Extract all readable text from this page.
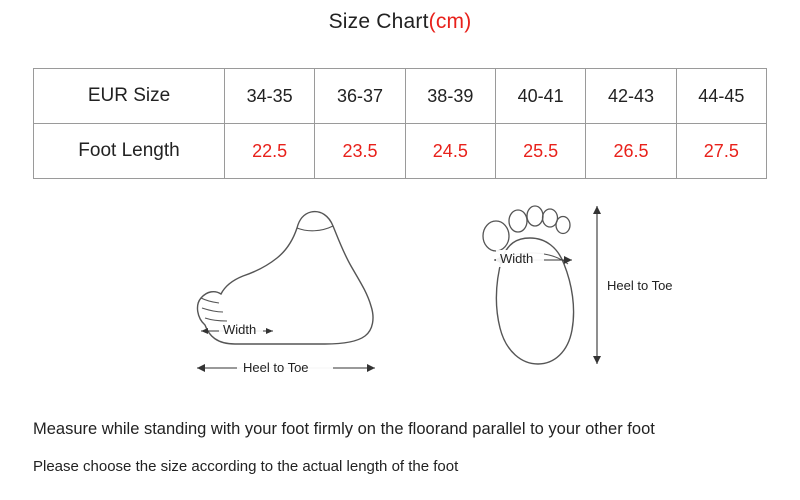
Size Chart(cm)
EUR Size	34-35	36-37	38-39	40-41	42-43	44-45
Foot Length	22.5	23.5	24.5	25.5	26.5	27.5
Width
Heel to Toe
Width
Heel to Toe
Measure while standing with your foot firmly on the floorand parallel to your other foot
Please choose the size according to the actual length of the foot
